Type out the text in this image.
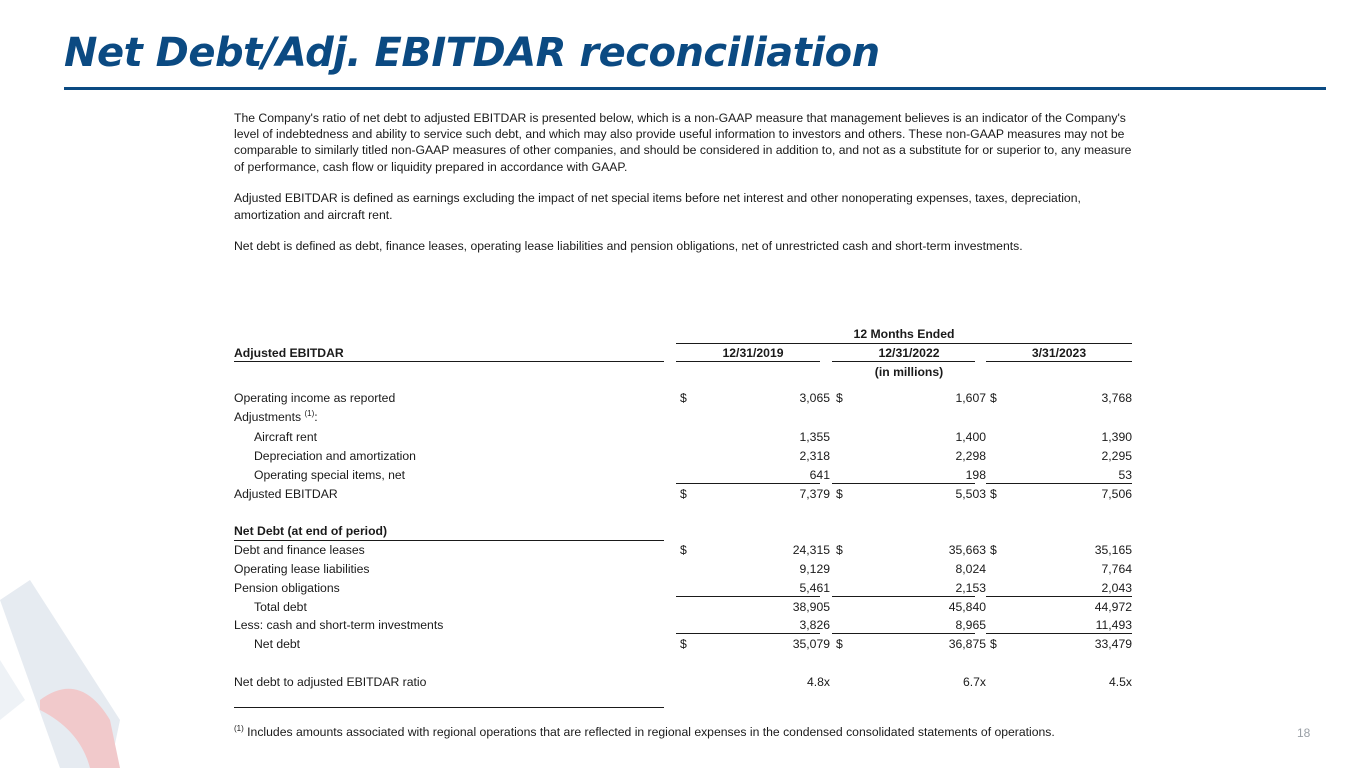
Net Debt/Adj. EBITDAR reconciliation

The Company's ratio of net debt to adjusted EBITDAR is presented below, which is a non-GAAP measure that management believes is an indicator of the Company's level of indebtedness and ability to service such debt, and which may also provide useful information to investors and others. These non-GAAP measures may not be comparable to similarly titled non-GAAP measures of other companies, and should be considered in addition to, and not as a substitute for or superior to, any measure of performance, cash flow or liquidity prepared in accordance with GAAP.

Adjusted EBITDAR is defined as earnings excluding the impact of net special items before net interest and other nonoperating expenses, taxes, depreciation, amortization and aircraft rent.

Net debt is defined as debt, finance leases, operating lease liabilities and pension obligations, net of unrestricted cash and short-term investments.

12 Months Ended
Adjusted EBITDAR	12/31/2019	12/31/2022	3/31/2023
(in millions)
Operating income as reported	$	3,065 $	1,607 $	3,768
Adjustments $^{(1)}$:
Aircraft rent	1,355	1,400	1,390
Depreciation and amortization	2,318	2,298	2,295
Operating special items, net	641	198	53
Adjusted EBITDAR	$	7,379 $	5,503 $	7,506
Net Debt (at end of period)
Debt and finance leases	$	24,315 $	35,663 $	35,165
Operating lease liabilities	9,129	8,024	7,764
Pension obligations	5,461	2,153	2,043
Total debt	38,905	45,840	44,972
Less: cash and short-term investments	3,826	8,965	11,493
Net debt	$	35,079 $	36,875 $	33,479
Net debt to adjusted EBITDAR ratio	4.8x	6.7x	4.5x
$^{(1)}$ Includes amounts associated with regional operations that are reflected in regional expenses in the condensed consolidated statements of operations.	18
